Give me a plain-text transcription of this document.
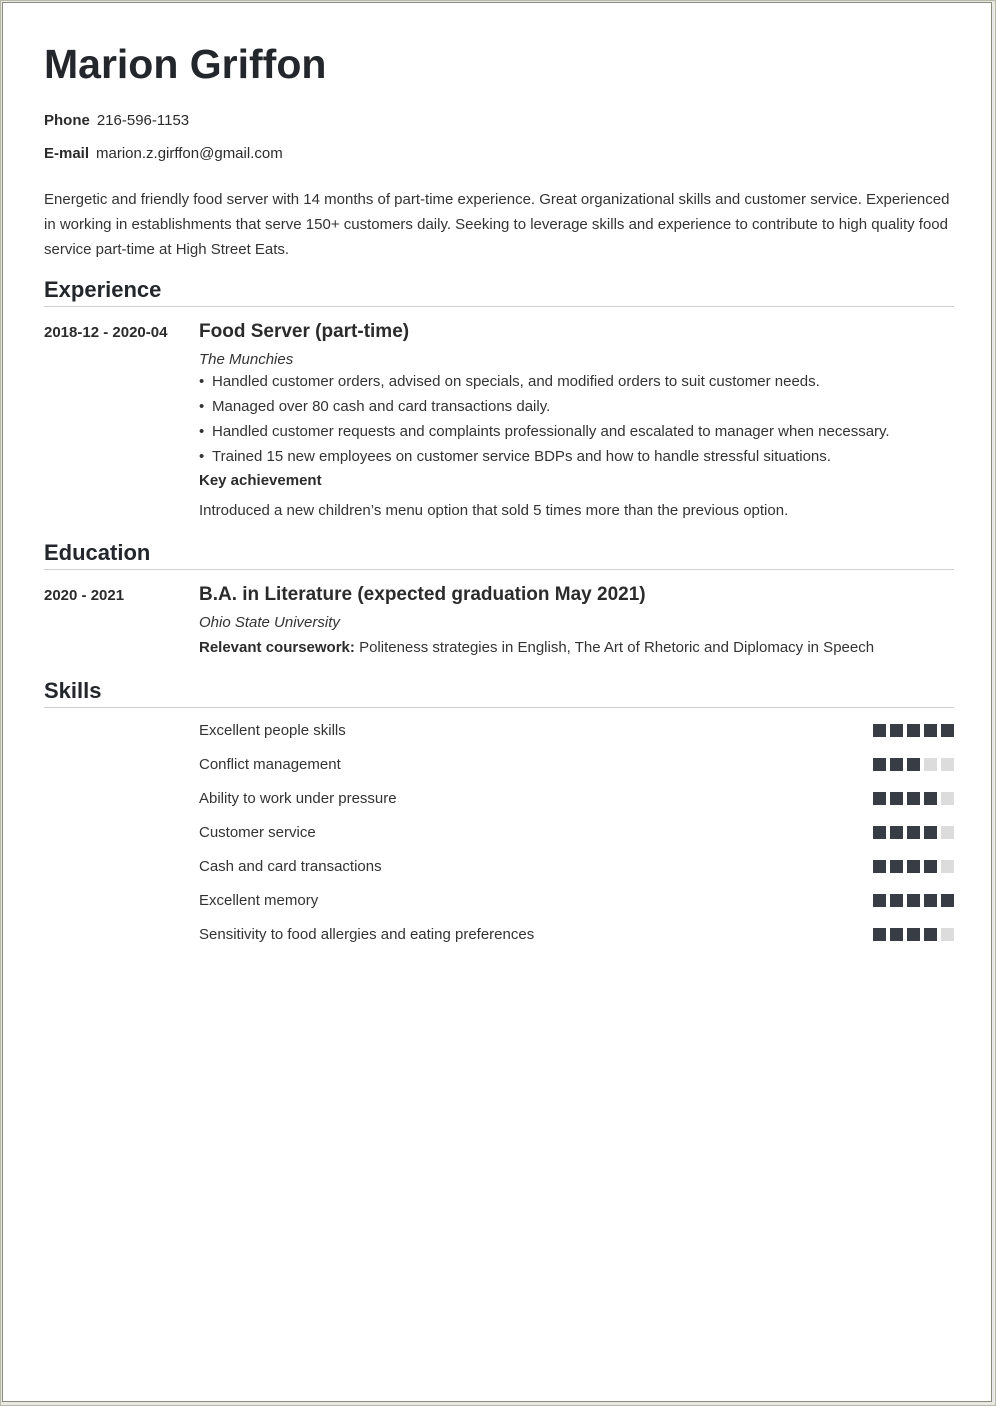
Marion Griffon
Phone 216-596-1153
E-mail marion.z.girffon@gmail.com
Energetic and friendly food server with 14 months of part-time experience. Great organizational skills and customer service. Experienced in working in establishments that serve 150+ customers daily. Seeking to leverage skills and experience to contribute to high quality food service part-time at High Street Eats.
Experience
2018-12 - 2020-04 Food Server (part-time)
The Munchies
• Handled customer orders, advised on specials, and modified orders to suit customer needs.
• Managed over 80 cash and card transactions daily.
• Handled customer requests and complaints professionally and escalated to manager when necessary.
• Trained 15 new employees on customer service BDPs and how to handle stressful situations.
Key achievement
Introduced a new children’s menu option that sold 5 times more than the previous option.
Education
2020 - 2021	B.A. in Literature (expected graduation May 2021)
Ohio State University
Relevant coursework: Politeness strategies in English, The Art of Rhetoric and Diplomacy in Speech
Skills
Excellent people skills
Conflict management
Ability to work under pressure
Customer service
Cash and card transactions
Excellent memory
Sensitivity to food allergies and eating preferences
